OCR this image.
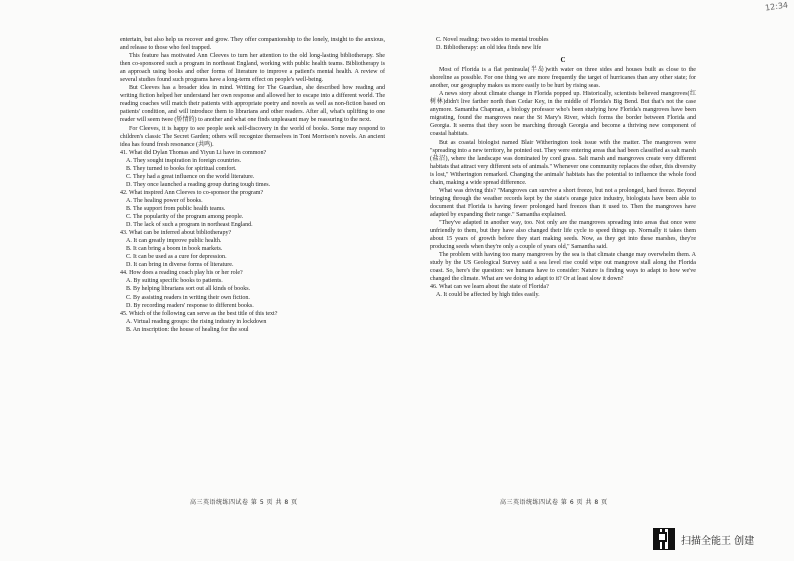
12:34

entertain, but also help us recover and grow. They offer companionship to the lonely, insight to the anxious, and release to those who feel trapped.

This feature has motivated Ann Cleeves to turn her attention to the old long-lasting bibliotherapy. She then co-sponsored such a program in northeast England, working with public health teams. Bibliotherapy is an approach using books and other forms of literature to improve a patient's mental health. A review of several studies found such programs have a long-term effect on people's well-being.

But Cleeves has a broader idea in mind. Writing for The Guardian, she described how reading and writing fiction helped her understand her own response and allowed her to escape into a different world. The reading coaches will match their patients with appropriate poetry and novels as well as non-fiction based on patients' condition, and will introduce them to librarians and other readers. After all, what's uplifting to one reader will seem twee (矫情的) to another and what one finds unpleasant may be reassuring to the next.

For Cleeves, it is happy to see people seek self-discovery in the world of books. Some may respond to children's classic The Secret Garden; others will recognize themselves in Toni Morrison's novels. An ancient idea has found fresh resonance (共鸣).

41. What did Dylan Thomas and Yiyun Li have in common?

A. They sought inspiration in foreign countries.

B. They turned to books for spiritual comfort.

C. They had a great influence on the world literature.

D. They once launched a reading group during tough times.

42. What inspired Ann Cleeves to co-sponsor the program?

A. The healing power of books.

B. The support from public health teams.

C. The popularity of the program among people.

D. The lack of such a program in northeast England.

43. What can be inferred about bibliotherapy?

A. It can greatly improve public health.

B. It can bring a boom in book markets.

C. It can be used as a cure for depression.

D. It can bring in diverse forms of literature.

44. How does a reading coach play his or her role?

A. By suiting specific books to patients.

B. By helping librarians sort out all kinds of books.

C. By assisting readers in writing their own fiction.

D. By recording readers' response to different books.

45. Which of the following can serve as the best title of this text?

A. Virtual reading groups: the rising industry in lockdown

B. An inscription: the house of healing for the soul

高三英语统练四试卷 第 5 页 共 8 页

C. Novel reading: two sides to mental troubles

D. Bibliotherapy: an old idea finds new life

C

Most of Florida is a flat peninsula(半岛)with water on three sides and houses built as close to the shoreline as possible. For one thing we are more frequently the target of hurricanes than any other state; for another, our geography makes us more easily to be hurt by rising seas.

A news story about climate change in Florida popped up. Historically, scientists believed mangroves(红树林)didn't live farther north than Cedar Key, in the middle of Florida's Big Bend. But that's not the case anymore. Samantha Chapman, a biology professor who's been studying how Florida's mangroves have been migrating, found the mangroves near the St Mary's River, which forms the border between Florida and Georgia. It seems that they soon be marching through Georgia and become a thriving new component of coastal habitats.

But as coastal biologist named Blair Witherington took issue with the matter. The mangroves were "spreading into a new territory, he pointed out. They were entering areas that had been classified as salt marsh (盐沼), where the landscape was dominated by cord grass. Salt marsh and mangroves create very different habitats that attract very different sets of animals." Whenever one community replaces the other, this diversity is lost," Witherington remarked. Changing the animals' habitats has the potential to influence the whole food chain, making a wide spread difference.

What was driving this? "Mangroves can survive a short freeze, but not a prolonged, hard freeze. Beyond bringing through the weather records kept by the state's orange juice industry, biologists have been able to document that Florida is having fewer prolonged hard freezes than it used to. Then the mangroves have adapted by expanding their range." Samantha explained.

"They've adapted in another way, too. Not only are the mangroves spreading into areas that once were unfriendly to them, but they have also changed their life cycle to speed things up. Normally it takes them about 15 years of growth before they start making seeds. Now, as they get into these marshes, they're producing seeds when they're only a couple of years old," Samantha said.

The problem with having too many mangroves by the sea is that climate change may overwhelm them. A study by the US Geological Survey said a sea level rise could wipe out mangrove stall along the Florida coast. So, here's the question: we humans have to consider: Nature is finding ways to adapt to how we've changed the climate. What are we doing to adapt to it? Or at least slow it down?

46. What can we learn about the state of Florida?

A. It could be affected by high tides easily.

高三英语统练四试卷 第 6 页 共 8 页
扫描全能王 创建
